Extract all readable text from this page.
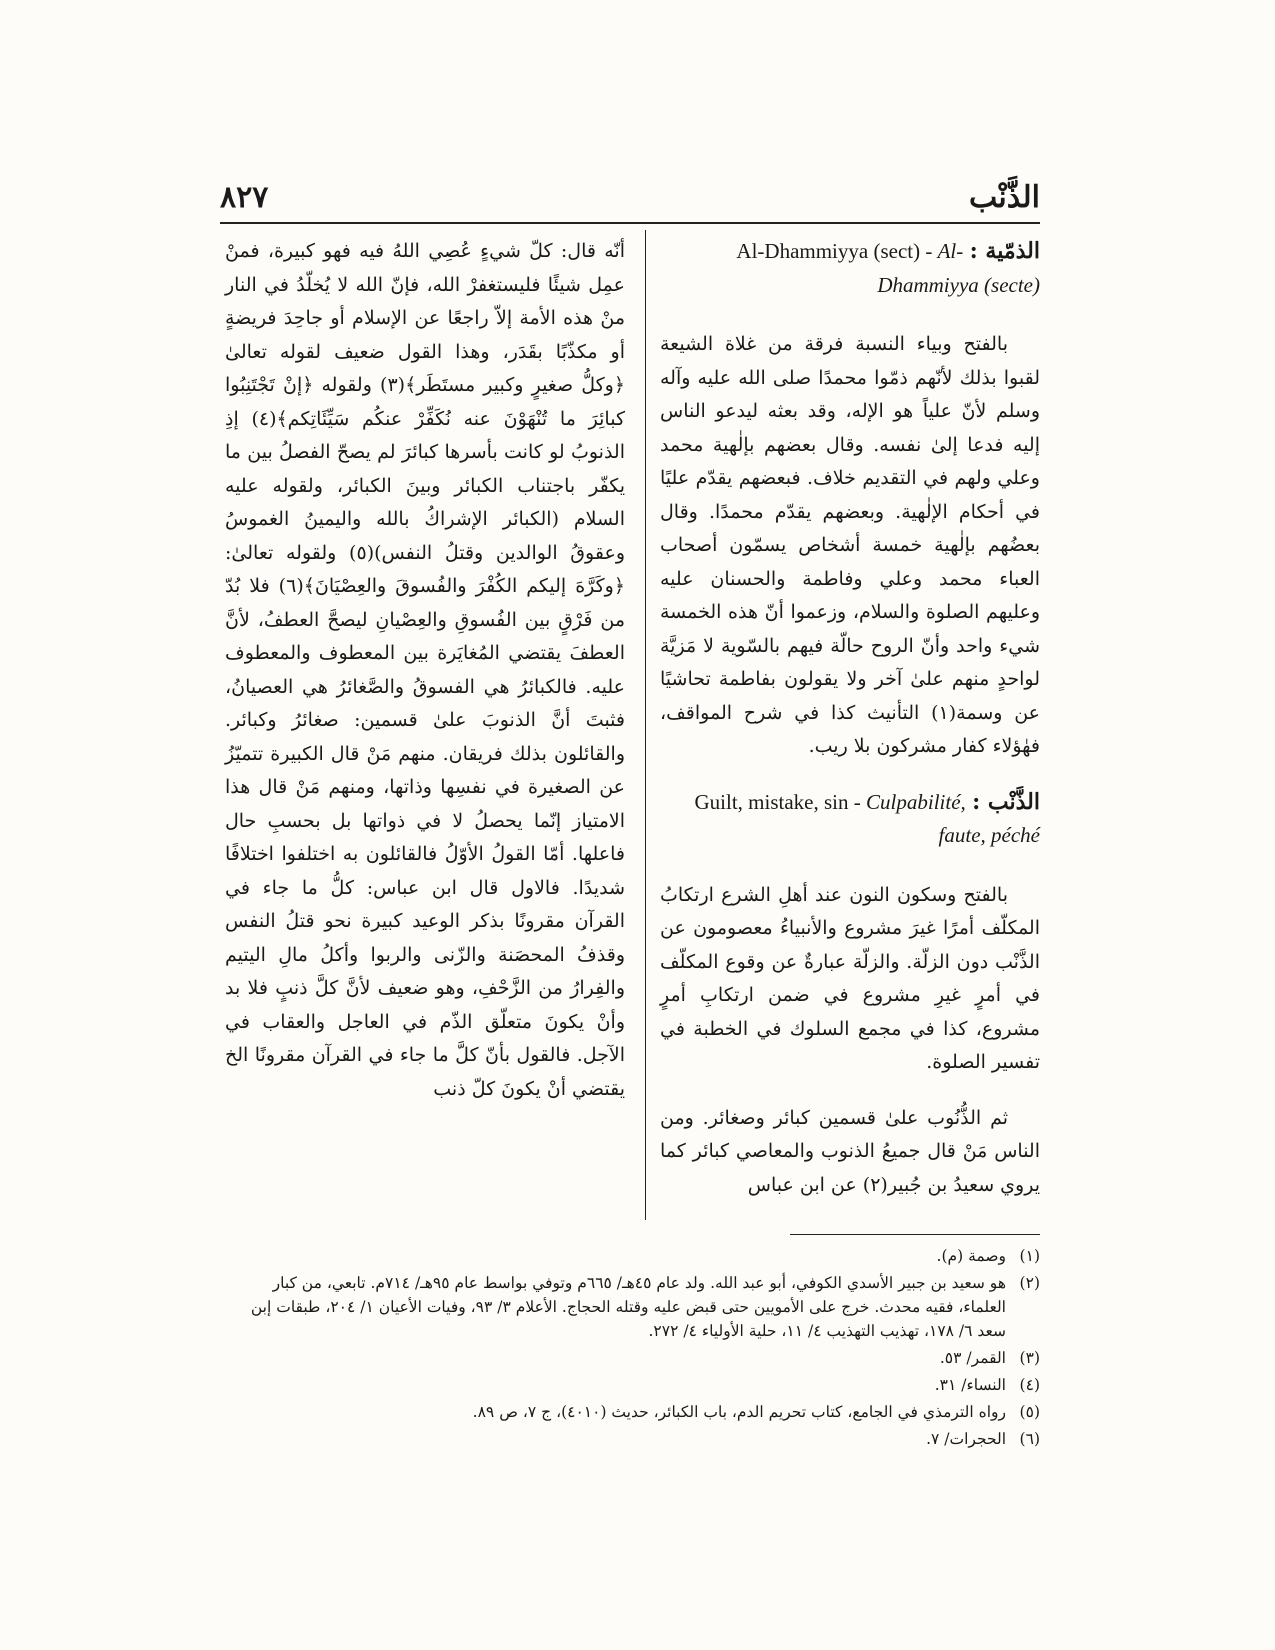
٨٢٧	الذَّنْب
الذمّية : Al-Dhammiyya (sect) - Al-Dhammiyya (secte)

بالفتح وبياء النسبة فرقة من غلاة الشيعة لقبوا بذلك لأنّهم ذمّوا محمدًا صلى الله عليه وآله وسلم لأنّ علياً هو الإله، وقد بعثه ليدعو الناس إليه فدعا إلىٰ نفسه. وقال بعضهم بإلٰهية محمد وعلي ولهم في التقديم خلاف. فبعضهم يقدّم عليًا في أحكام الإلٰهية. وبعضهم يقدّم محمدًا. وقال بعضُهم بإلٰهية خمسة أشخاص يسمّون أصحاب العباء محمد وعلي وفاطمة والحسنان عليه وعليهم الصلوة والسلام، وزعموا أنّ هذه الخمسة شيء واحد وأنّ الروح حالّة فيهم بالسّوية لا مَزيَّة لواحدٍ منهم علىٰ آخر ولا يقولون بفاطمة تحاشيًا عن وسمة(١) التأنيث كذا في شرح المواقف، فهٰؤلاء كفار مشركون بلا ريب.

الذَّنْب : Guilt, mistake, sin - Culpabilité, faute, péché

بالفتح وسكون النون عند أهلِ الشرع ارتكابُ المكلّف أمرًا غيرَ مشروع والأنبياءُ معصومون عن الذَّنْب دون الزلّة. والزلّة عبارةٌ عن وقوع المكلّف في أمرٍ غيرِ مشروع في ضمن ارتكابِ أمرٍ مشروع، كذا في مجمع السلوك في الخطبة في تفسير الصلوة.

ثم الذُّنُوب علىٰ قسمين كبائر وصغائر. ومن الناس مَنْ قال جميعُ الذنوب والمعاصي كبائر كما يروي سعيدُ بن جُبير(٢) عن ابن عباس

أنّه قال: كلّ شيءٍ عُصِي اللهُ فيه فهو كبيرة، فمنْ عمِل شيئًا فليستغفرْ الله، فإنّ الله لا يُخلّدُ في النار منْ هذه الأمة إلاّ راجعًا عن الإسلام أو جاحِدَ فريضةٍ أو مكذّبًا بقَدَر، وهذا القول ضعيف لقوله تعالىٰ ﴿وكلُّ صغيرٍ وكبير مستَطَر﴾(٣) ولقوله ﴿إنْ تَجْتَنِبُوا كبائِرَ ما تُنْهَوْنَ عنه نُكَفِّرْ عنكُم سَيِّئَاتِكم﴾(٤) إذِ الذنوبُ لو كانت بأسرها كبائرَ لم يصحّ الفصلُ بين ما يكفّر باجتناب الكبائر وبينَ الكبائر، ولقوله عليه السلام (الكبائر الإشراكُ بالله واليمينُ الغموسُ وعقوقُ الوالدين وقتلُ النفس)(٥) ولقوله تعالىٰ: ﴿وكَرَّهَ إليكم الكُفْرَ والفُسوقَ والعِصْيَانَ﴾(٦) فلا بُدّ من فَرْقٍ بين الفُسوقِ والعِصْيانِ ليصحَّ العطفُ، لأنَّ العطفَ يقتضي المُغايَرة بين المعطوف والمعطوف عليه. فالكبائرُ هي الفسوقُ والصَّغائرُ هي العصيانُ، فثبتَ أنَّ الذنوبَ علىٰ قسمين: صغائرُ وكبائر. والقائلون بذلك فريقان. منهم مَنْ قال الكبيرة تتميّزُ عن الصغيرة في نفسِها وذاتها، ومنهم مَنْ قال هذا الامتياز إنّما يحصلُ لا في ذواتها بل بحسبِ حال فاعلها. أمّا القولُ الأوّلُ فالقائلون به اختلفوا اختلافًا شديدًا. فالاول قال ابن عباس: كلُّ ما جاء في القرآن مقرونًا بذكر الوعيد كبيرة نحو قتلُ النفس وقذفُ المحصَنة والزّنى والربوا وأكلُ مالِ اليتيم والفِرارُ من الزَّحْفِ، وهو ضعيف لأنَّ كلَّ ذنبٍ فلا بد وأنْ يكونَ متعلّق الذّم في العاجل والعقاب في الآجل. فالقول بأنّ كلَّ ما جاء في القرآن مقرونًا الخ يقتضي أنْ يكونَ كلّ ذنب

(١)وصمة (م).

(٢)هو سعيد بن جبير الأسدي الكوفي، أبو عبد الله. ولد عام ٤٥هـ/ ٦٦٥م وتوفي بواسط عام ٩٥هـ/ ٧١٤م. تابعي، من كبار العلماء، فقيه محدث. خرج على الأمويين حتى قبض عليه وقتله الحجاج. الأعلام ٣/ ٩٣، وفيات الأعيان ١/ ٢٠٤، طبقات إبن سعد ٦/ ١٧٨، تهذيب التهذيب ٤/ ١١، حلية الأولياء ٤/ ٢٧٢.

(٣)القمر/ ٥٣.

(٤)النساء/ ٣١.

(٥)رواه الترمذي في الجامع، كتاب تحريم الدم، باب الكبائر، حديث (٤٠١٠)، ج ٧، ص ٨٩.

(٦)الحجرات/ ٧.
